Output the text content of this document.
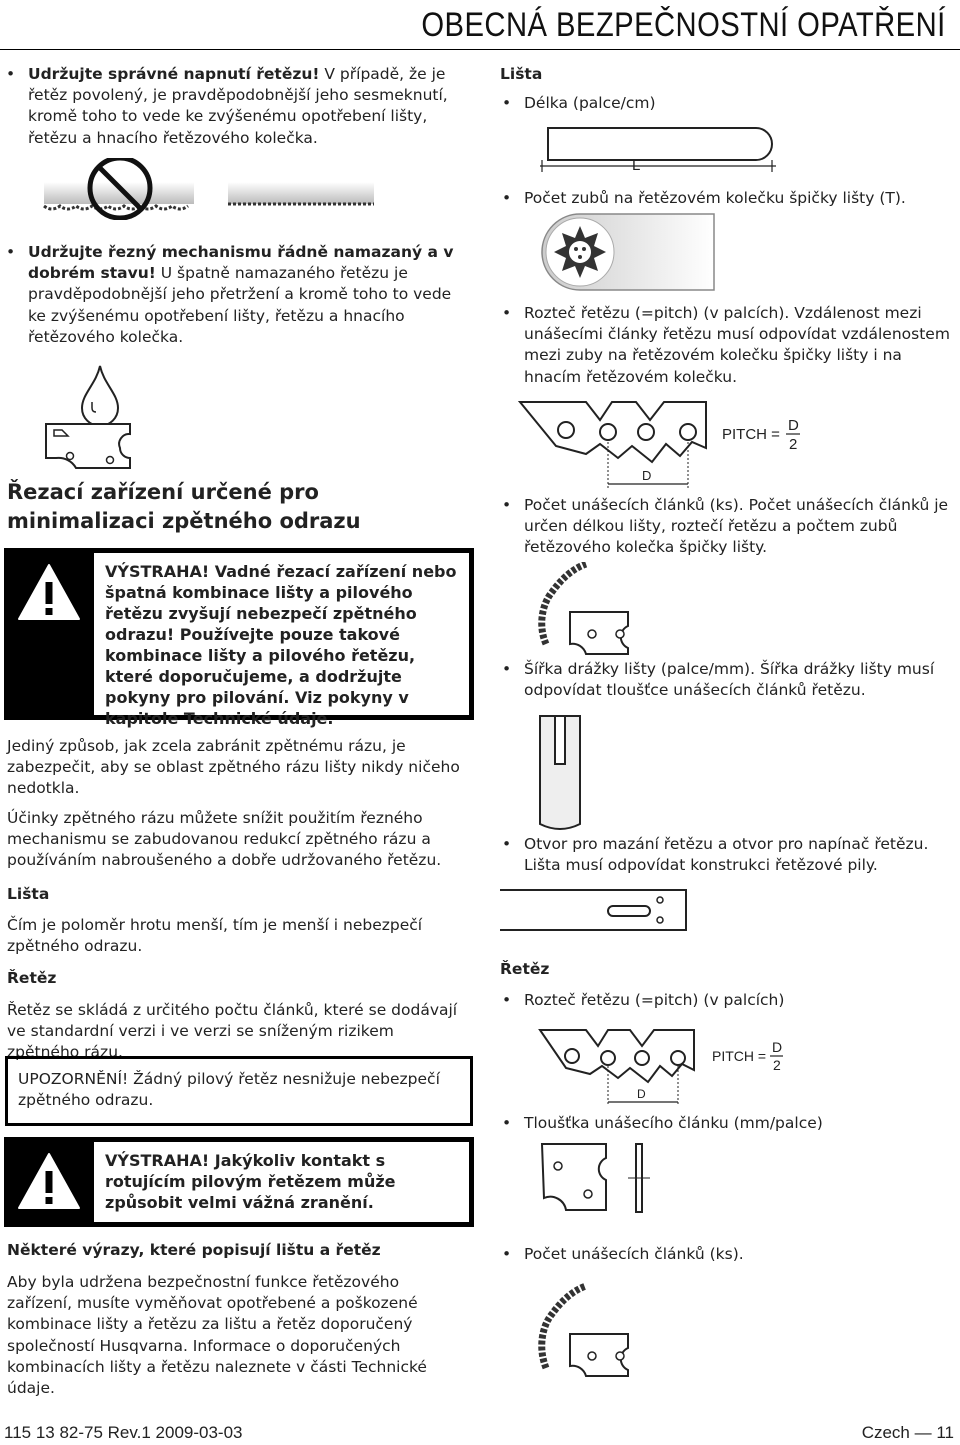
OBECNÁ BEZPEČNOSTNÍ OPATŘENÍ
• Udržujte správné napnutí řetězu! V případě, že je řetěz povolený, je pravděpodobnější jeho sesmeknutí, kromě toho to vede ke zvýšenému opotřebení lišty, řetězu a hnacího řetězového kolečka.
• Udržujte řezný mechanismu řádně namazaný a v dobrém stavu! U špatně namazaného řetězu je pravděpodobnější jeho přetržení a kromě toho to vede ke zvýšenému opotřebení lišty, řetězu a hnacího řetězového kolečka.
Řezací zařízení určené pro minimalizaci zpětného odrazu
VÝSTRAHA! Vadné řezací zařízení nebo špatná kombinace lišty a pilového řetězu zvyšují nebezpečí zpětného odrazu! Používejte pouze takové kombinace lišty a pilového řetězu, které doporučujeme, a dodržujte pokyny pro pilování. Viz pokyny v kapitole Technické údaje.
Jediný způsob, jak zcela zabránit zpětnému rázu, je zabezpečit, aby se oblast zpětného rázu lišty nikdy ničeho nedotkla.
Účinky zpětného rázu můžete snížit použitím řezného mechanismu se zabudovanou redukcí zpětného rázu a používáním nabroušeného a dobře udržovaného řetězu.
Lišta
Čím je poloměr hrotu menší, tím je menší i nebezpečí zpětného odrazu.
Řetěz
Řetěz se skládá z určitého počtu článků, které se dodávají ve standardní verzi i ve verzi se sníženým rizikem zpětného rázu.
UPOZORNĚNÍ! Žádný pilový řetěz nesnižuje nebezpečí zpětného odrazu.
VÝSTRAHA! Jakýkoliv kontakt s rotujícím pilovým řetězem může způsobit velmi vážná zranění.
Některé výrazy, které popisují lištu a řetěz
Aby byla udržena bezpečnostní funkce řetězového zařízení, musíte vyměňovat opotřebené a poškozené kombinace lišty a řetězu za lištu a řetěz doporučený společností Husqvarna. Informace o doporučených kombinacích lišty a řetězu naleznete v části Technické údaje.
Lišta
• Délka (palce/cm)
L
• Počet zubů na řetězovém kolečku špičky lišty (T).
• Rozteč řetězu (=pitch) (v palcích). Vzdálenost mezi unášecími články řetězu musí odpovídat vzdálenostem mezi zuby na řetězovém kolečku špičky lišty i na hnacím řetězovém kolečku.
D
PITCH =
D
2
• Počet unášecích článků (ks). Počet unášecích článků je určen délkou lišty, roztečí řetězu a počtem zubů řetězového kolečka špičky lišty.
• Šířka drážky lišty (palce/mm). Šířka drážky lišty musí odpovídat tloušťce unášecích článků řetězu.
• Otvor pro mazání řetězu a otvor pro napínač řetězu. Lišta musí odpovídat konstrukci řetězové pily.
Řetěz
• Rozteč řetězu (=pitch) (v palcích)
D
PITCH =
D
2
• Tloušťka unášecího článku (mm/palce)
• Počet unášecích článků (ks).
115 13 82-75 Rev.1 2009-03-03	Czech — 11
